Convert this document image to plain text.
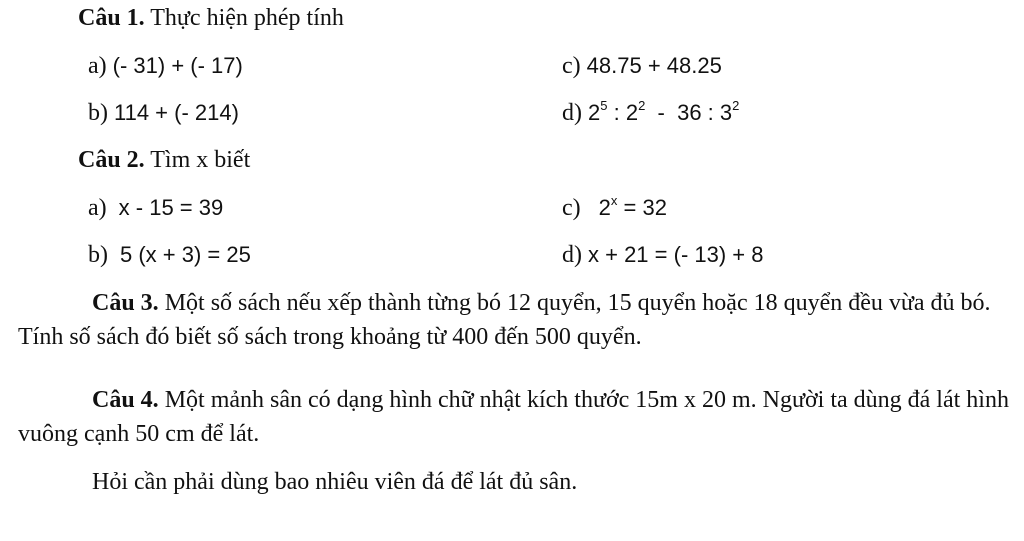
Câu 1. Thực hiện phép tính
a) (- 31) + (- 17)	c) 48.75 + 48.25
b) 114 + (- 214)	d) $2^5$ : $2^2 - 36$ : $3^2$
Câu 2. Tìm x biết
a) x - 15 = 39	c) $2^x = 32$
b) 5 (x + 3) = 25	d) x + 21 = (- 13) + 8
Câu 3. Một số sách nếu xếp thành từng bó 12 quyển, 15 quyển hoặc 18 quyển đều vừa đủ bó. Tính số sách đó biết số sách trong khoảng từ 400 đến 500 quyển.
Câu 4. Một mảnh sân có dạng hình chữ nhật kích thước 15m x 20 m. Người ta dùng đá lát hình vuông cạnh 50 cm để lát.
Hỏi cần phải dùng bao nhiêu viên đá để lát đủ sân.
